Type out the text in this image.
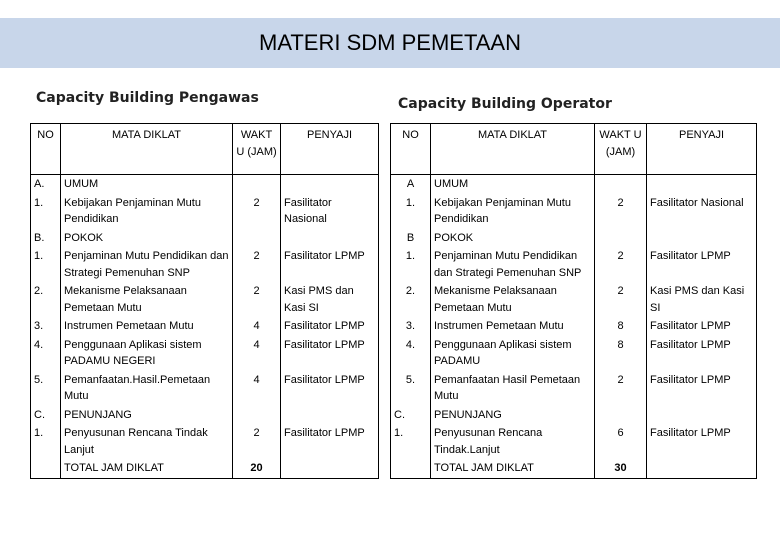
MATERI SDM PEMETAAN
Capacity Building Pengawas	Capacity Building Operator
NO	MATA DIKLAT	WAKT U (JAM)	PENYAJI
A.	UMUM		
1.	Kebijakan Penjaminan Mutu Pendidikan	2	Fasilitator Nasional
B.	POKOK		
1.	Penjaminan Mutu Pendidikan dan Strategi Pemenuhan SNP	2	Fasilitator LPMP
2.	Mekanisme Pelaksanaan Pemetaan Mutu	2	Kasi PMS dan Kasi SI
3.	Instrumen Pemetaan Mutu	4	Fasilitator LPMP
4.	Penggunaan Aplikasi sistem PADAMU NEGERI	4	Fasilitator LPMP
5.	Pemanfaatan.Hasil.Pemetaan Mutu	4	Fasilitator LPMP
C.	PENUNJANG		
1.	Penyusunan Rencana Tindak Lanjut	2	Fasilitator LPMP
	TOTAL JAM DIKLAT	20	
NO	MATA DIKLAT	WAKT U (JAM)	PENYAJI
A	UMUM		
1.	Kebijakan Penjaminan Mutu Pendidikan	2	Fasilitator Nasional
B	POKOK		
1.	Penjaminan Mutu Pendidikan dan Strategi Pemenuhan SNP	2	Fasilitator LPMP
2.	Mekanisme Pelaksanaan Pemetaan Mutu	2	Kasi PMS dan Kasi SI
3.	Instrumen Pemetaan Mutu	8	Fasilitator LPMP
4.	Penggunaan Aplikasi sistem PADAMU	8	Fasilitator LPMP
5.	Pemanfaatan Hasil Pemetaan Mutu	2	Fasilitator LPMP
C.	PENUNJANG		
1.	Penyusunan Rencana Tindak.Lanjut	6	Fasilitator LPMP
	TOTAL JAM DIKLAT	30	
